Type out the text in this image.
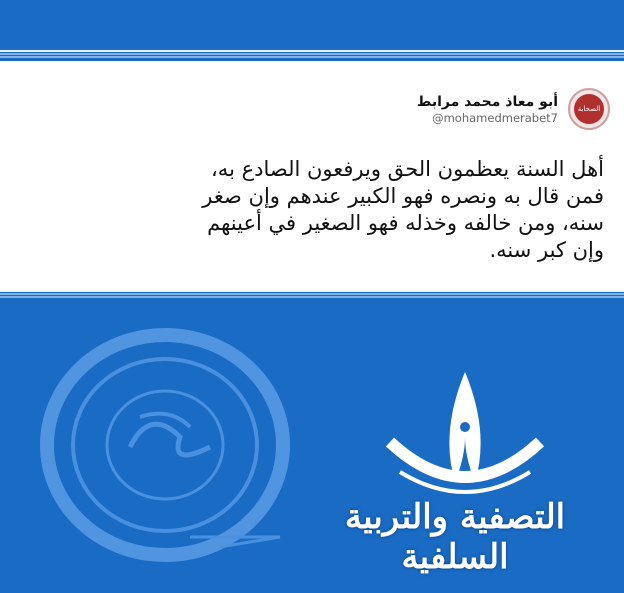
الصحابة
أبو معاذ محمد مرابط
@mohamedmerabet7
أهل السنة يعظمون الحق ويرفعون الصادع به،
فمن قال به ونصره فهو الكبير عندهم وإن صغر
سنه، ومن خالفه وخذله فهو الصغير في أعينهم
وإن كبر سنه.
التصفية والتربية السلفية
